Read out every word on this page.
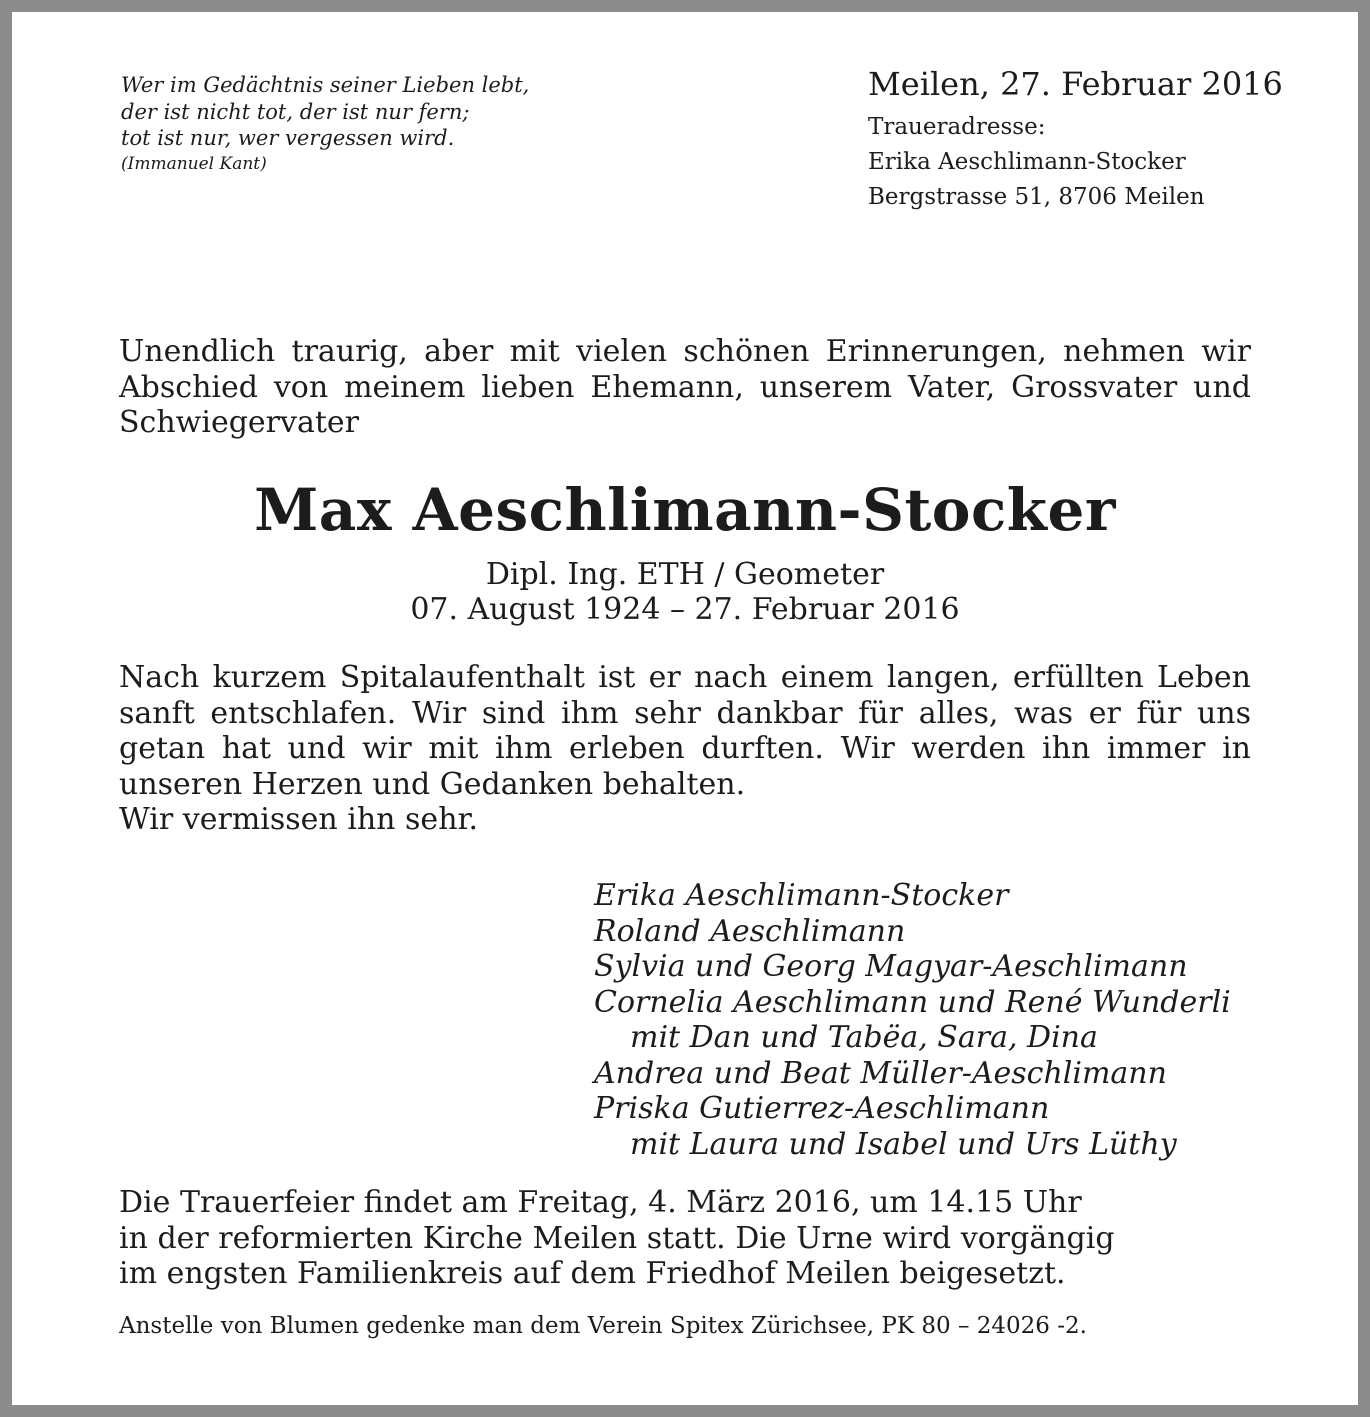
Wer im Gedächtnis seiner Lieben lebt,
der ist nicht tot, der ist nur fern;
tot ist nur, wer vergessen wird.
(Immanuel Kant)
Meilen, 27. Februar 2016
Traueradresse:
Erika Aeschlimann-Stocker
Bergstrasse 51, 8706 Meilen

Unendlich traurig, aber mit vielen schönen Erinnerungen, nehmen wir Abschied von meinem lieben Ehemann, unserem Vater, Grossvater und Schwiegervater

Max Aeschlimann-Stocker
Dipl. Ing. ETH / Geometer
07. August 1924 – 27. Februar 2016
Nach kurzem Spitalaufenthalt ist er nach einem langen, erfüllten Leben
sanft entschlafen. Wir sind ihm sehr dankbar für alles, was er für uns
getan hat und wir mit ihm erleben durften. Wir werden ihn immer in
unseren Herzen und Gedanken behalten.
Wir vermissen ihn sehr.
Erika Aeschlimann-Stocker
Roland Aeschlimann
Sylvia und Georg Magyar-Aeschlimann
Cornelia Aeschlimann und René Wunderli
mit Dan und Tabëa, Sara, Dina
Andrea und Beat Müller-Aeschlimann
Priska Gutierrez-Aeschlimann
mit Laura und Isabel und Urs Lüthy
Die Trauerfeier findet am Freitag, 4. März 2016, um 14.15 Uhr
in der reformierten Kirche Meilen statt. Die Urne wird vorgängig
im engsten Familienkreis auf dem Friedhof Meilen beigesetzt.
Anstelle von Blumen gedenke man dem Verein Spitex Zürichsee, PK 80 – 24026 -2.
